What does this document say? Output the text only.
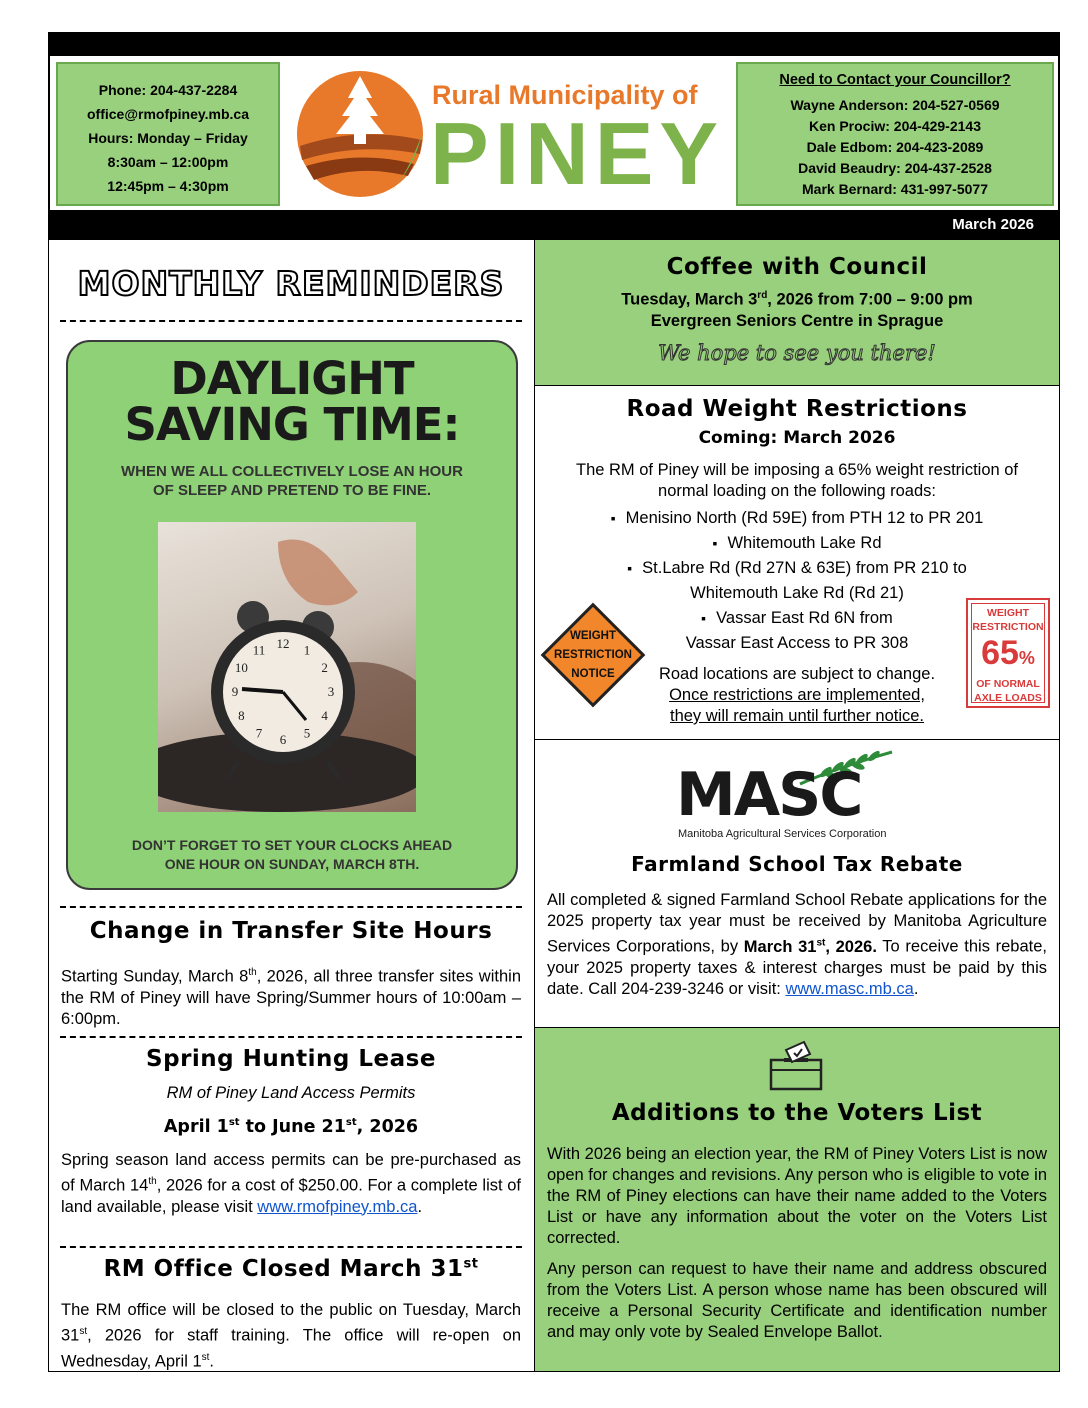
Phone: 204-437-2284
office@rmofpiney.mb.ca
Hours: Monday – Friday
8:30am – 12:00pm
12:45pm – 4:30pm
Rural Municipality of
PINEY
Need to Contact your Councillor?
Wayne Anderson: 204-527-0569
Ken Prociw: 204-429-2143
Dale Edbom: 204-423-2089
David Beaudry: 204-437-2528
Mark Bernard: 431-997-5077
March 2026
MONTHLY REMINDERS
DAYLIGHT
SAVING TIME:
WHEN WE ALL COLLECTIVELY LOSE AN HOUR
OF SLEEP AND PRETEND TO BE FINE.
DON’T FORGET TO SET YOUR CLOCKS AHEAD
ONE HOUR ON SUNDAY, MARCH 8TH.
12 1
2
3
4
5
6
7
8
9
10
11
Change in Transfer Site Hours
Starting Sunday, March 8th, 2026, all three transfer sites within the RM of Piney will have Spring/Summer hours of 10:00am – 6:00pm.
Spring Hunting Lease
RM of Piney Land Access Permits
April 1st to June 21st, 2026
Spring season land access permits can be pre-purchased as of March 14th, 2026 for a cost of $250.00. For a complete list of land available, please visit www.rmofpiney.mb.ca.
RM Office Closed March 31st
The RM office will be closed to the public on Tuesday, March 31st, 2026 for staff training. The office will re-open on Wednesday, April 1st.
Coffee with Council
Tuesday, March 3rd, 2026 from 7:00 – 9:00 pm
Evergreen Seniors Centre in Sprague
We hope to see you there!
Road Weight Restrictions
Coming: March 2026
The RM of Piney will be imposing a 65% weight restriction of normal loading on the following roads:
▪ Menisino North (Rd 59E) from PTH 12 to PR 201
▪ Whitemouth Lake Rd
▪ St.Labre Rd (Rd 27N & 63E) from PR 210 to
Whitemouth Lake Rd (Rd 21)
▪ Vassar East Rd 6N from
Vassar East Access to PR 308
Road locations are subject to change.
Once restrictions are implemented,
they will remain until further notice.
WEIGHT
RESTRICTION
NOTICE
WEIGHT
RESTRICTION
65%
OF NORMAL
AXLE LOADS
MASC
Manitoba Agricultural Services Corporation
Farmland School Tax Rebate
All completed & signed Farmland School Rebate applications for the 2025 property tax year must be received by Manitoba Agriculture Services Corporations, by March 31st, 2026. To receive this rebate, your 2025 property taxes & interest charges must be paid by this date. Call 204-239-3246 or visit: www.masc.mb.ca.
Additions to the Voters List
With 2026 being an election year, the RM of Piney Voters List is now open for changes and revisions. Any person who is eligible to vote in the RM of Piney elections can have their name added to the Voters List or have any information about the voter on the Voters List corrected.
Any person can request to have their name and address obscured from the Voters List. A person whose name has been obscured will receive a Personal Security Certificate and identification number and may only vote by Sealed Envelope Ballot.
